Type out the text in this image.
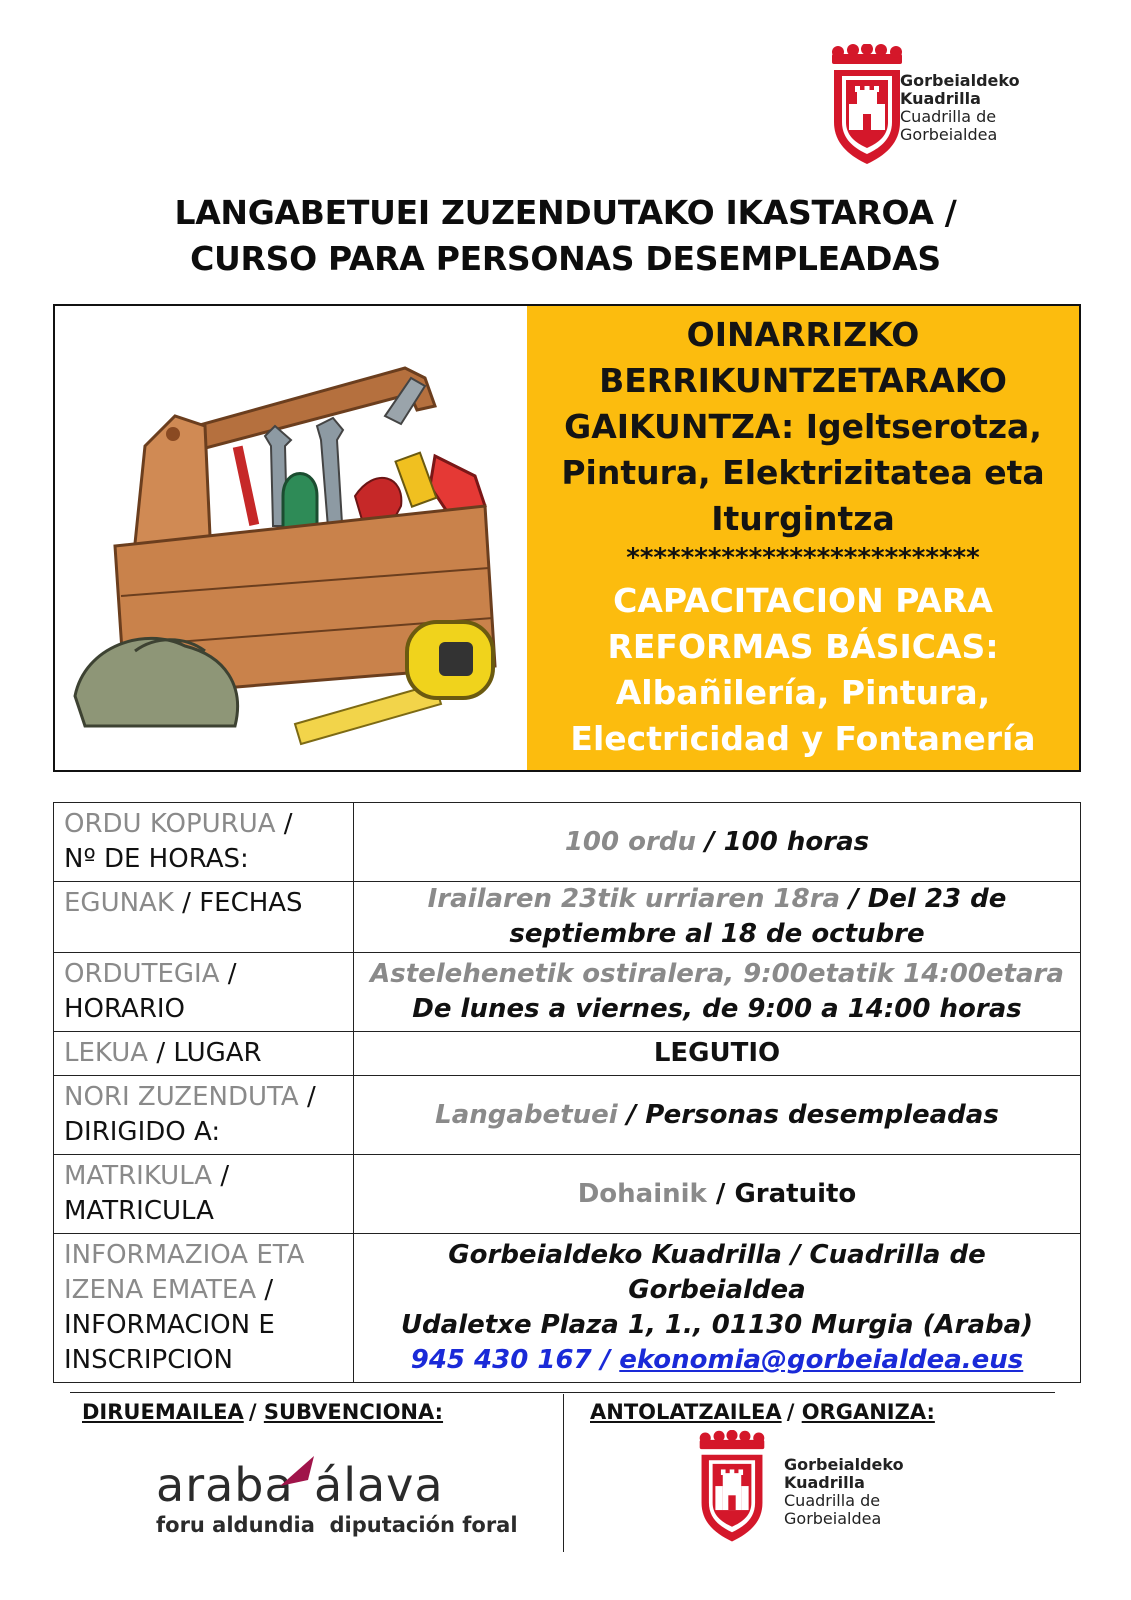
Gorbeialdeko
Kuadrilla
Cuadrilla de
Gorbeialdea
LANGABETUEI ZUZENDUTAKO IKASTAROA /
CURSO PARA PERSONAS DESEMPLEADAS
OINARRIZKO
BERRIKUNTZETARAKO
GAIKUNTZA: Igeltserotza,
Pintura, Elektrizitatea eta
Iturgintza
**************************
CAPACITACION PARA
REFORMAS BÁSICAS:
Albañilería, Pintura,
Electricidad y Fontanería
ORDU KOPURUA /
Nº DE HORAS:	100 ordu / 100 horas
EGUNAK / FECHAS	Irailaren 23tik urriaren 18ra / Del 23 de
septiembre al 18 de octubre
ORDUTEGIA /
HORARIO	Astelehenetik ostiralera, 9:00etatik 14:00etara
De lunes a viernes, de 9:00 a 14:00 horas
LEKUA / LUGAR	LEGUTIO
NORI ZUZENDUTA /
DIRIGIDO A:	Langabetuei / Personas desempleadas
MATRIKULA /
MATRICULA	Dohainik / Gratuito
INFORMAZIOA ETA
IZENA EMATEA /
INFORMACION E
INSCRIPCION	Gorbeialdeko Kuadrilla / Cuadrilla de
Gorbeialdea
Udaletxe Plaza 1, 1., 01130 Murgia (Araba)
945 430 167 / ekonomia@gorbeialdea.eus
DIRUEMAILEA / SUBVENCIONA:	ANTOLATZAILEA / ORGANIZA:
araba álava
foru aldundia  diputación foral
Gorbeialdeko
Kuadrilla
Cuadrilla de
Gorbeialdea
